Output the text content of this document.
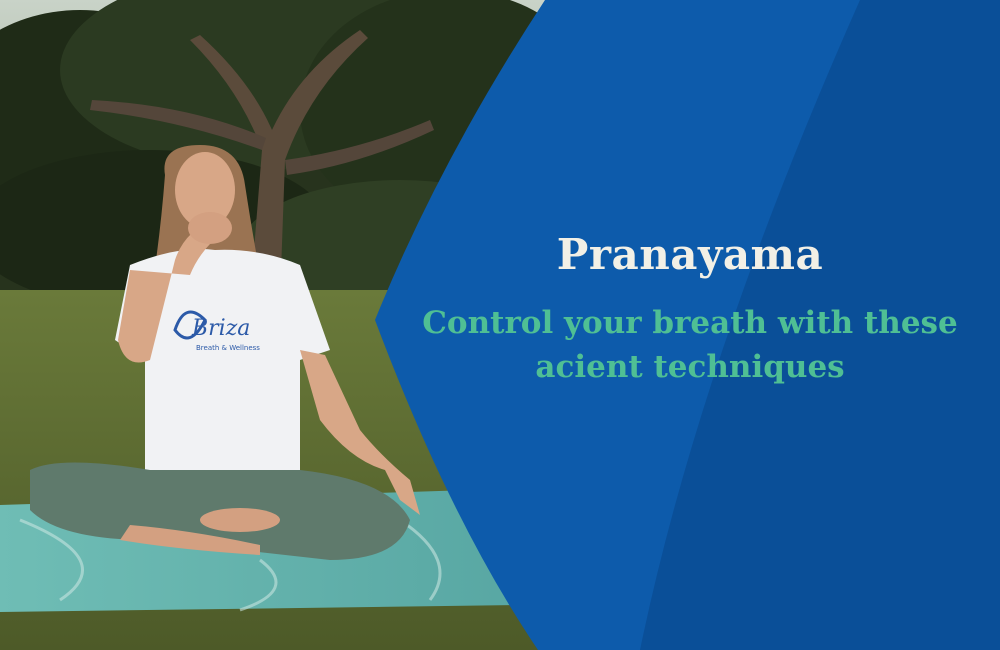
Briza
Breath & Wellness
Pranayama

Control your breath with these acient techniques
